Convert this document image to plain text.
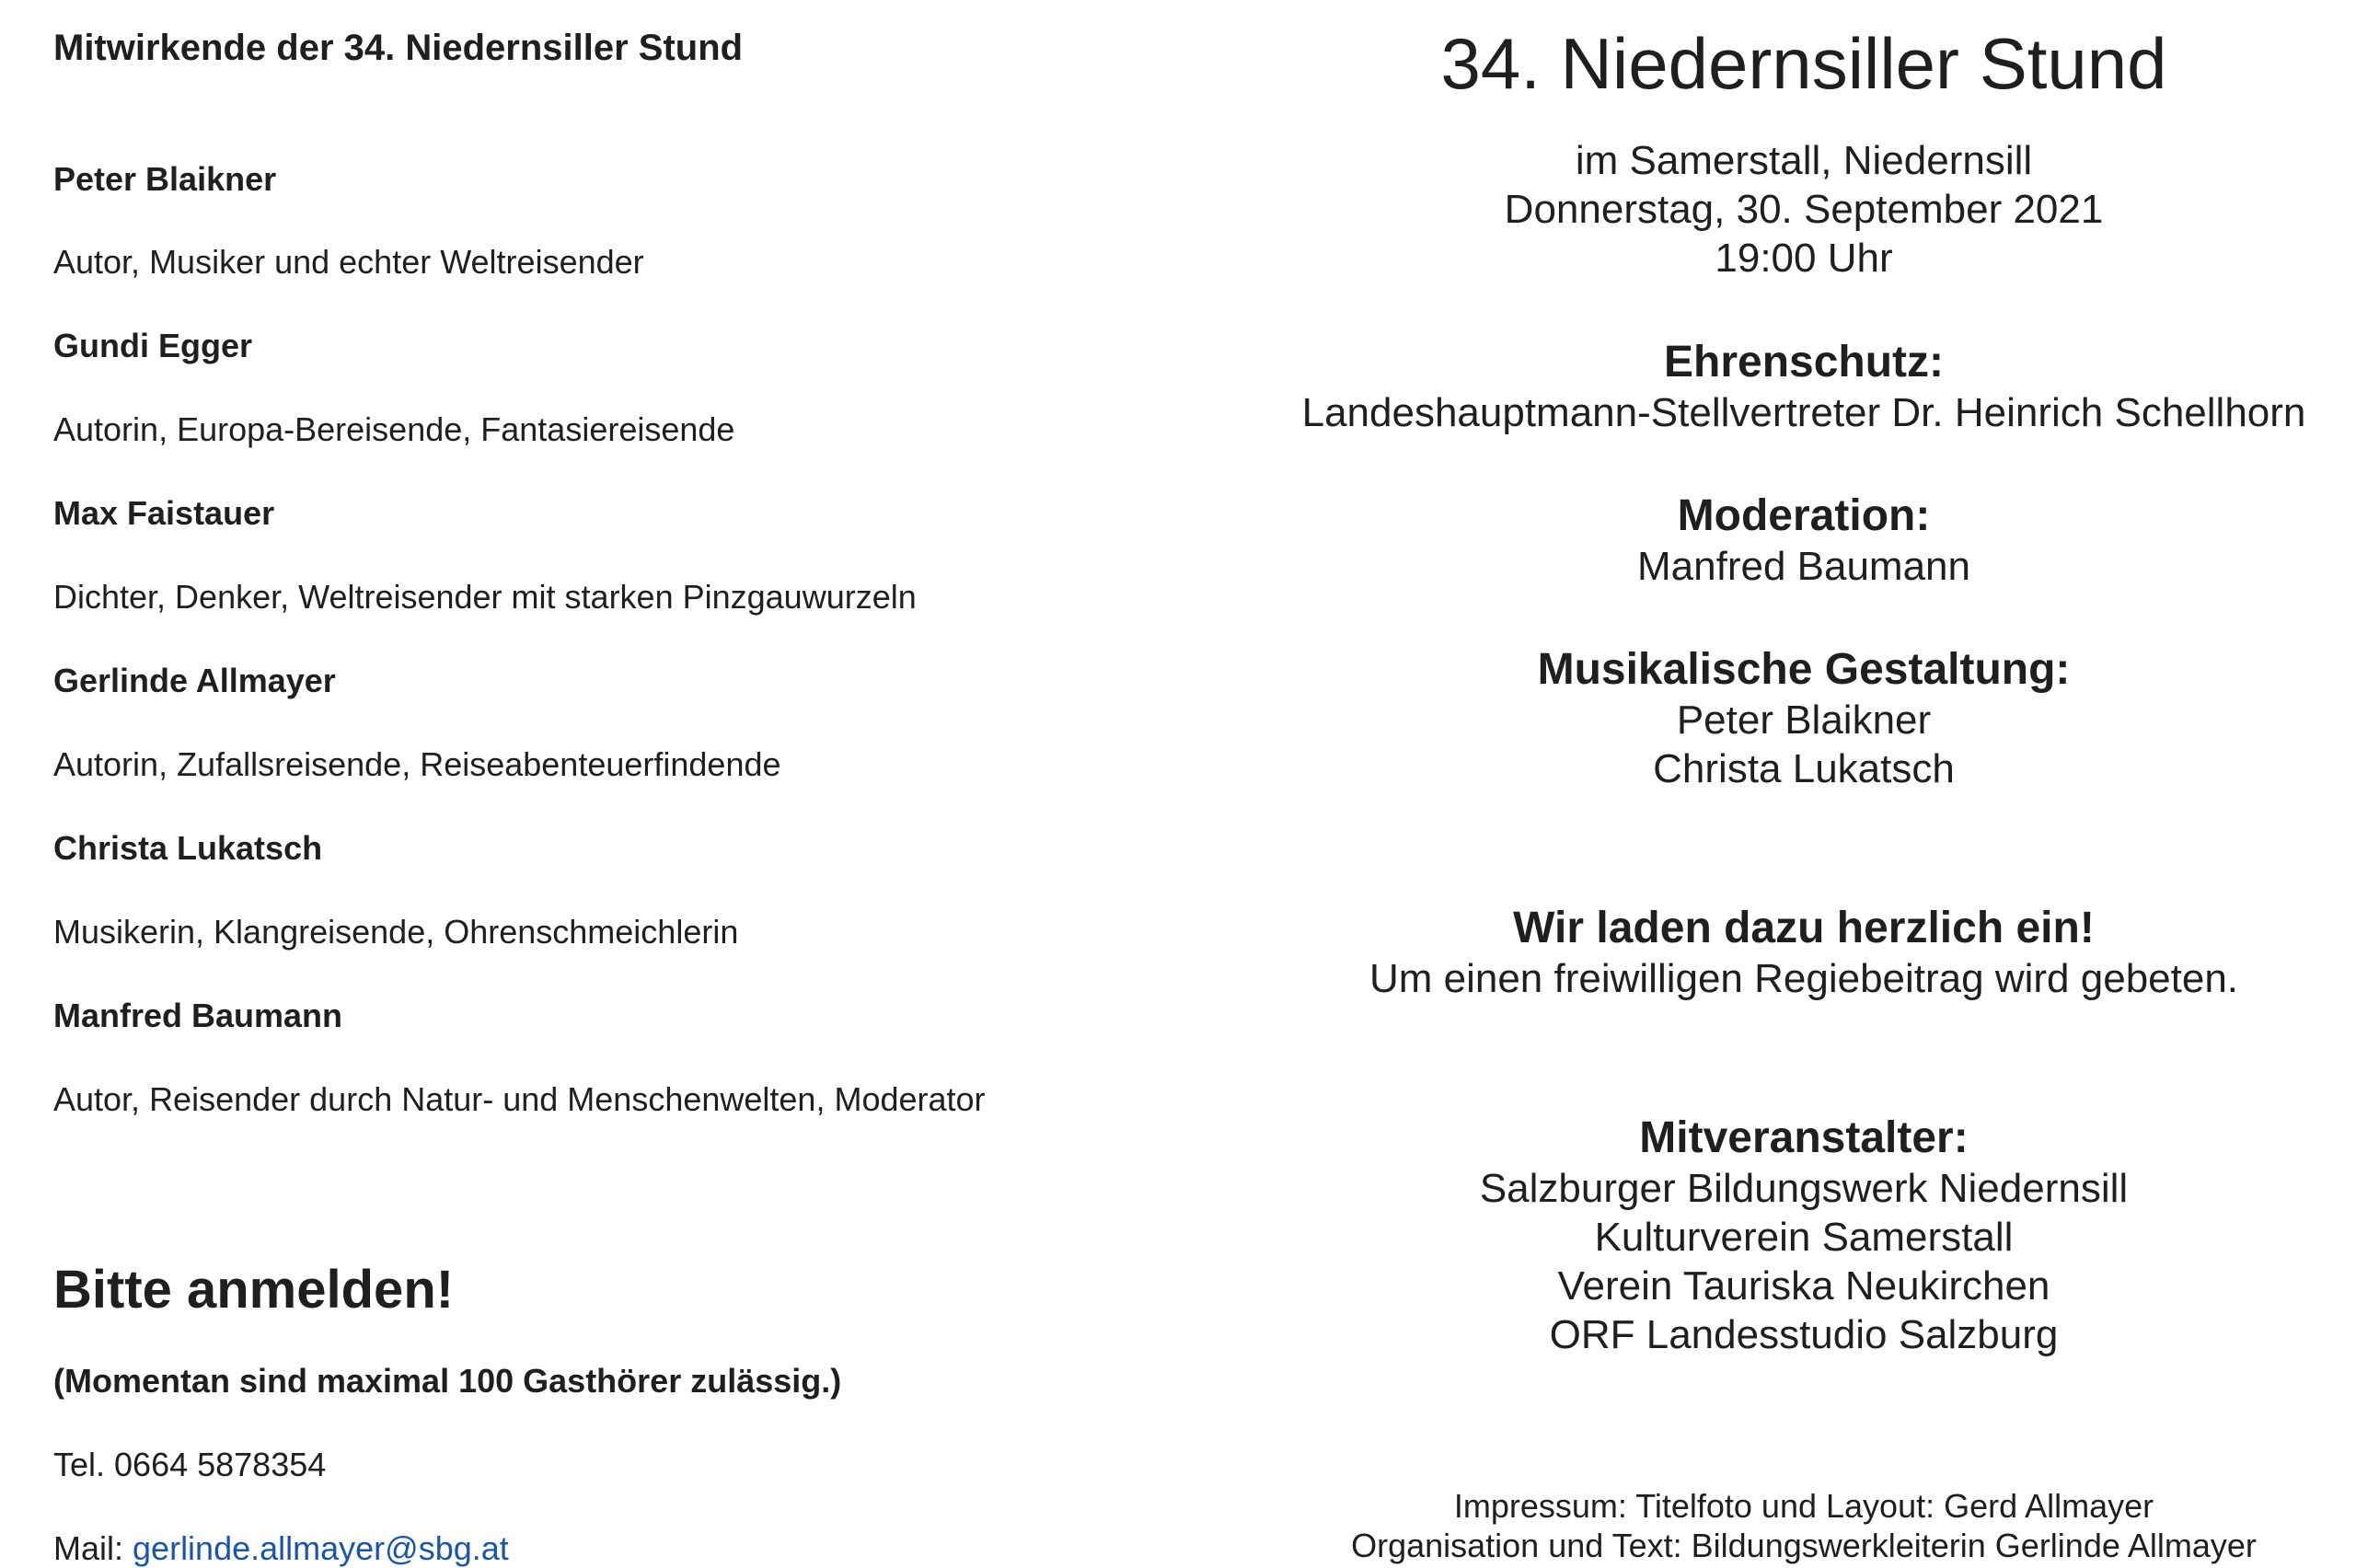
Mitwirkende der 34. Niedernsiller Stund
Peter Blaikner
Autor, Musiker und echter Weltreisender
Gundi Egger
Autorin, Europa-Bereisende, Fantasiereisende
Max Faistauer
Dichter, Denker, Weltreisender mit starken Pinzgauwurzeln
Gerlinde Allmayer
Autorin, Zufallsreisende, Reiseabenteuerfindende
Christa Lukatsch
Musikerin, Klangreisende, Ohrenschmeichlerin
Manfred Baumann
Autor, Reisender durch Natur- und Menschenwelten, Moderator
Bitte anmelden!
(Momentan sind maximal 100 Gasthörer zulässig.)
Tel. 0664 5878354
Mail: gerlinde.allmayer@sbg.at
34. Niedernsiller Stund
im Samerstall, Niedernsill
Donnerstag, 30. September 2021
19:00 Uhr
Ehrenschutz:
Landeshauptmann-Stellvertreter Dr. Heinrich Schellhorn
Moderation:
Manfred Baumann
Musikalische Gestaltung:
Peter Blaikner
Christa Lukatsch
Wir laden dazu herzlich ein!
Um einen freiwilligen Regiebeitrag wird gebeten.
Mitveranstalter:
Salzburger Bildungswerk Niedernsill
Kulturverein Samerstall
Verein Tauriska Neukirchen
ORF Landesstudio Salzburg
Impressum: Titelfoto und Layout: Gerd Allmayer
Organisation und Text: Bildungswerkleiterin Gerlinde Allmayer
